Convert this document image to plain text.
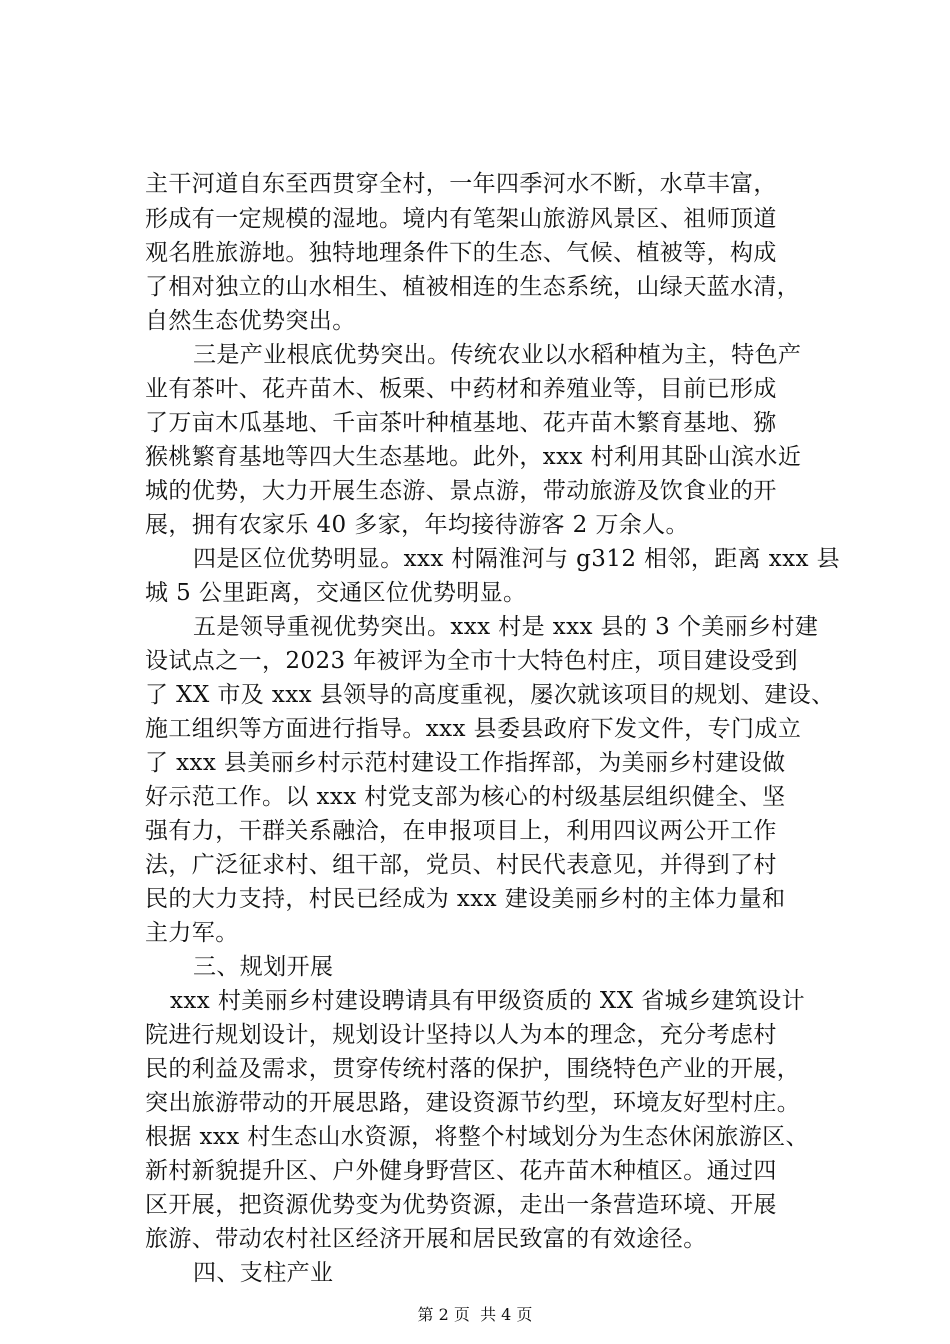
主干河道自东至西贯穿全村，一年四季河水不断，水草丰富，
形成有一定规模的湿地。境内有笔架山旅游风景区、祖师顶道
观名胜旅游地。独特地理条件下的生态、气候、植被等，构成
了相对独立的山水相生、植被相连的生态系统，山绿天蓝水清，
自然生态优势突出。
三是产业根底优势突出。传统农业以水稻种植为主，特色产
业有茶叶、花卉苗木、板栗、中药材和养殖业等，目前已形成
了万亩木瓜基地、千亩茶叶种植基地、花卉苗木繁育基地、猕
猴桃繁育基地等四大生态基地。此外，xxx 村利用其卧山滨水近
城的优势，大力开展生态游、景点游，带动旅游及饮食业的开
展，拥有农家乐 40 多家，年均接待游客 2 万余人。
四是区位优势明显。xxx 村隔淮河与 g312 相邻，距离 xxx 县
城 5 公里距离，交通区位优势明显。
五是领导重视优势突出。xxx 村是 xxx 县的 3 个美丽乡村建
设试点之一，2023 年被评为全市十大特色村庄，项目建设受到
了 XX 市及 xxx 县领导的高度重视，屡次就该项目的规划、建设、
施工组织等方面进行指导。xxx 县委县政府下发文件，专门成立
了 xxx 县美丽乡村示范村建设工作指挥部，为美丽乡村建设做
好示范工作。以 xxx 村党支部为核心的村级基层组织健全、坚
强有力，干群关系融洽，在申报项目上，利用四议两公开工作
法，广泛征求村、组干部，党员、村民代表意见，并得到了村
民的大力支持，村民已经成为 xxx 建设美丽乡村的主体力量和
主力军。
三、规划开展
xxx 村美丽乡村建设聘请具有甲级资质的 XX 省城乡建筑设计
院进行规划设计，规划设计坚持以人为本的理念，充分考虑村
民的利益及需求，贯穿传统村落的保护，围绕特色产业的开展，
突出旅游带动的开展思路，建设资源节约型，环境友好型村庄。
根据 xxx 村生态山水资源，将整个村域划分为生态休闲旅游区、
新村新貌提升区、户外健身野营区、花卉苗木种植区。通过四
区开展，把资源优势变为优势资源，走出一条营造环境、开展
旅游、带动农村社区经济开展和居民致富的有效途径。
四、支柱产业
第 2 页  共 4 页
